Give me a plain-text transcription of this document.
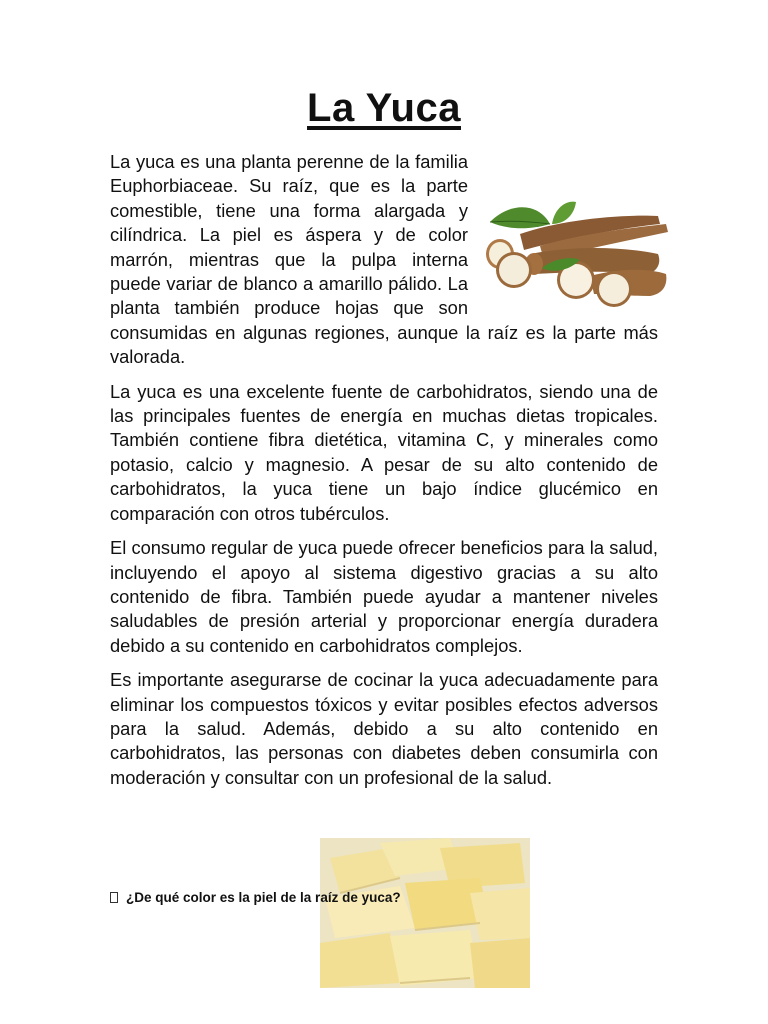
La Yuca

La yuca es una planta perenne de la familia Euphorbiaceae. Su raíz, que es la parte comestible, tiene una forma alargada y cilíndrica. La piel es áspera y de color marrón, mientras que la pulpa interna puede variar de blanco a amarillo pálido. La planta también produce hojas que son consumidas en algunas regiones, aunque la raíz es la parte más valorada.

La yuca es una excelente fuente de carbohidratos, siendo una de las principales fuentes de energía en muchas dietas tropicales. También contiene fibra dietética, vitamina C, y minerales como potasio, calcio y magnesio. A pesar de su alto contenido de carbohidratos, la yuca tiene un bajo índice glucémico en comparación con otros tubérculos.

El consumo regular de yuca puede ofrecer beneficios para la salud, incluyendo el apoyo al sistema digestivo gracias a su alto contenido de fibra. También puede ayudar a mantener niveles saludables de presión arterial y proporcionar energía duradera debido a su contenido en carbohidratos complejos.

Es importante asegurarse de cocinar la yuca adecuadamente para eliminar los compuestos tóxicos y evitar posibles efectos adversos para la salud. Además, debido a su alto contenido en carbohidratos, las personas con diabetes deben consumirla con moderación y consultar con un profesional de la salud.

¿De qué color es la piel de la raíz de yuca?
